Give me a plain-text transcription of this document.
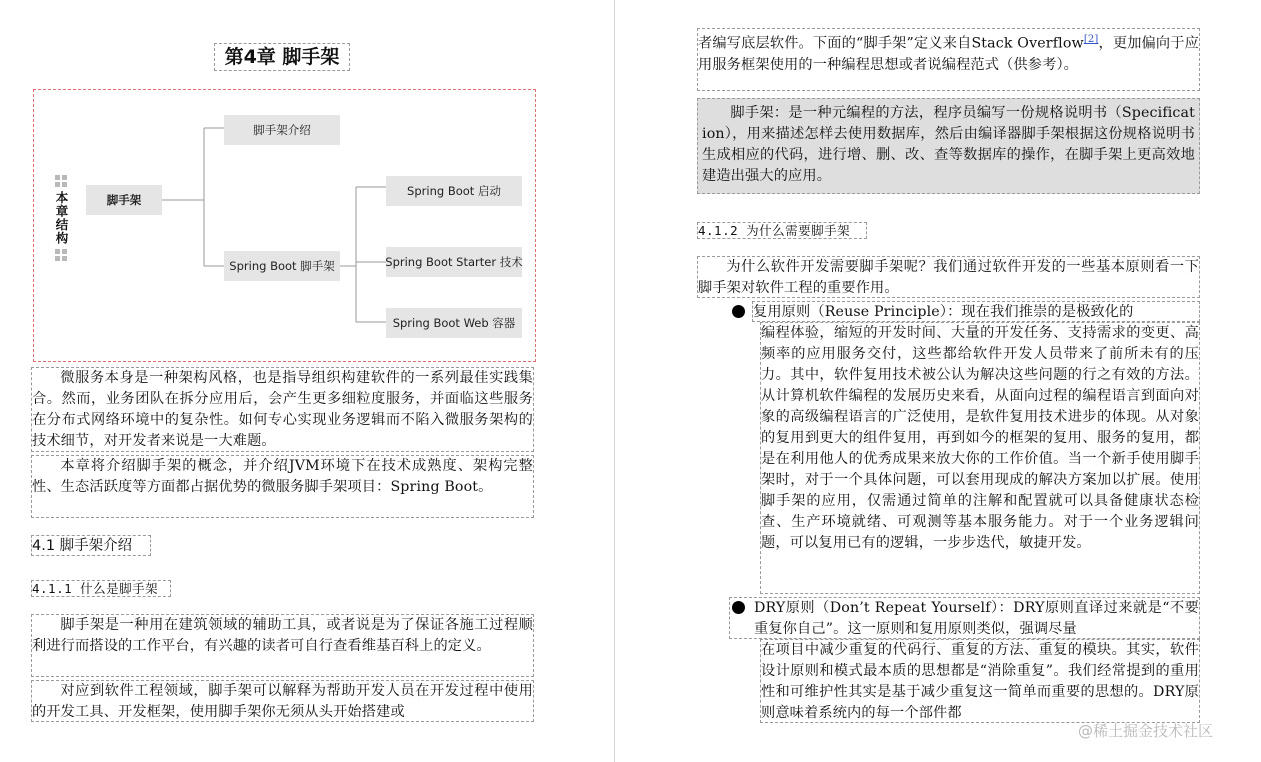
第4章 脚手架
本章结构	脚手架
脚手架介绍
Spring Boot 脚手架
Spring Boot 启动
Spring Boot Starter 技术
Spring Boot Web 容器
微服务本身是一种架构风格，也是指导组织构建软件的一系列最佳实践集合。然而，业务团队在拆分应用后，会产生更多细粒度服务，并面临这些服务在分布式网络环境中的复杂性。如何专心实现业务逻辑而不陷入微服务架构的技术细节，对开发者来说是一大难题。
本章将介绍脚手架的概念，并介绍JVM环境下在技术成熟度、架构完整性、生态活跃度等方面都占据优势的微服务脚手架项目：Spring Boot。
4.1 脚手架介绍
4.1.1 什么是脚手架
脚手架是一种用在建筑领域的辅助工具，或者说是为了保证各施工过程顺利进行而搭设的工作平台，有兴趣的读者可自行查看维基百科上的定义。
对应到软件工程领域，脚手架可以解释为帮助开发人员在开发过程中使用的开发工具、开发框架，使用脚手架你无须从头开始搭建或
者编写底层软件。下面的“脚手架”定义来自Stack Overflow[2]，更加偏向于应用服务框架使用的一种编程思想或者说编程范式（供参考）。
脚手架：是一种元编程的方法，程序员编写一份规格说明书（Specification），用来描述怎样去使用数据库，然后由编译器脚手架根据这份规格说明书生成相应的代码，进行增、删、改、查等数据库的操作，在脚手架上更高效地建造出强大的应用。
4.1.2 为什么需要脚手架
为什么软件开发需要脚手架呢？我们通过软件开发的一些基本原则看一下脚手架对软件工程的重要作用。
复用原则（Reuse Principle）：现在我们推崇的是极致化的
编程体验，缩短的开发时间、大量的开发任务、支持需求的变更、高频率的应用服务交付，这些都给软件开发人员带来了前所未有的压力。其中，软件复用技术被公认为解决这些问题的行之有效的方法。从计算机软件编程的发展历史来看，从面向过程的编程语言到面向对象的高级编程语言的广泛使用，是软件复用技术进步的体现。从对象的复用到更大的组件复用，再到如今的框架的复用、服务的复用，都是在利用他人的优秀成果来放大你的工作价值。当一个新手使用脚手架时，对于一个具体问题，可以套用现成的解决方案加以扩展。使用脚手架的应用，仅需通过简单的注解和配置就可以具备健康状态检查、生产环境就绪、可观测等基本服务能力。对于一个业务逻辑问题，可以复用已有的逻辑，一步步迭代，敏捷开发。
DRY原则（Don’t Repeat Yourself）：DRY原则直译过来就是“不要重复你自己”。这一原则和复用原则类似，强调尽量
在项目中减少重复的代码行、重复的方法、重复的模块。其实，软件设计原则和模式最本质的思想都是“消除重复”。我们经常提到的重用性和可维护性其实是基于减少重复这一简单而重要的思想的。DRY原则意味着系统内的每一个部件都
@稀土掘金技术社区
